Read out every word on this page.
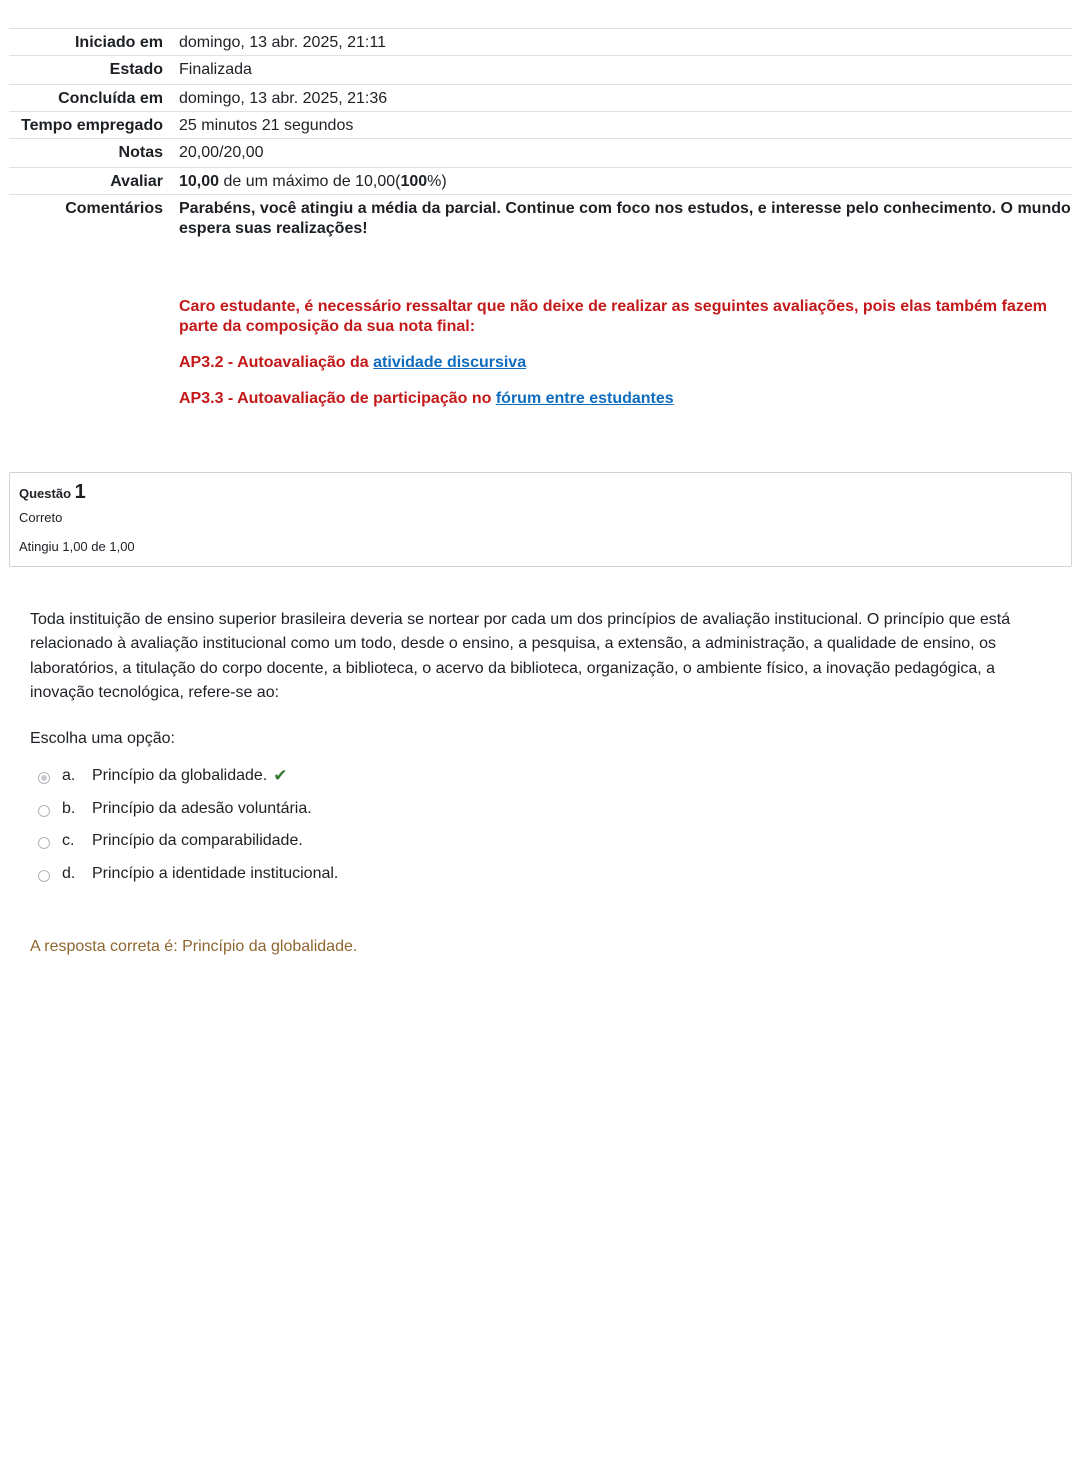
Iniciado em	domingo, 13 abr. 2025, 21:11
Estado	Finalizada
Concluída em	domingo, 13 abr. 2025, 21:36
Tempo empregado	25 minutos 21 segundos
Notas	20,00/20,00
Avaliar	10,00 de um máximo de 10,00(100%)
Comentários Parabéns, você atingiu a média da parcial. Continue com foco nos estudos, e interesse pelo conhecimento. O mundo espera suas realizações!

Caro estudante, é necessário ressaltar que não deixe de realizar as seguintes avaliações, pois elas também fazem parte da composição da sua nota final:

AP3.2 - Autoavaliação da atividade discursiva

AP3.3 - Autoavaliação de participação no fórum entre estudantes

Questão 1
Correto
Atingiu 1,00 de 1,00
Toda instituição de ensino superior brasileira deveria se nortear por cada um dos princípios de avaliação institucional. O princípio que está relacionado à avaliação institucional como um todo, desde o ensino, a pesquisa, a extensão, a administração, a qualidade de ensino, os laboratórios, a titulação do corpo docente, a biblioteca, o acervo da biblioteca, organização, o ambiente físico, a inovação pedagógica, a inovação tecnológica, refere-se ao:
Escolha uma opção:
a.	Princípio da globalidade. ✔
b.	Princípio da adesão voluntária.
c.	Princípio da comparabilidade.
d.	Princípio a identidade institucional.
A resposta correta é: Princípio da globalidade.
